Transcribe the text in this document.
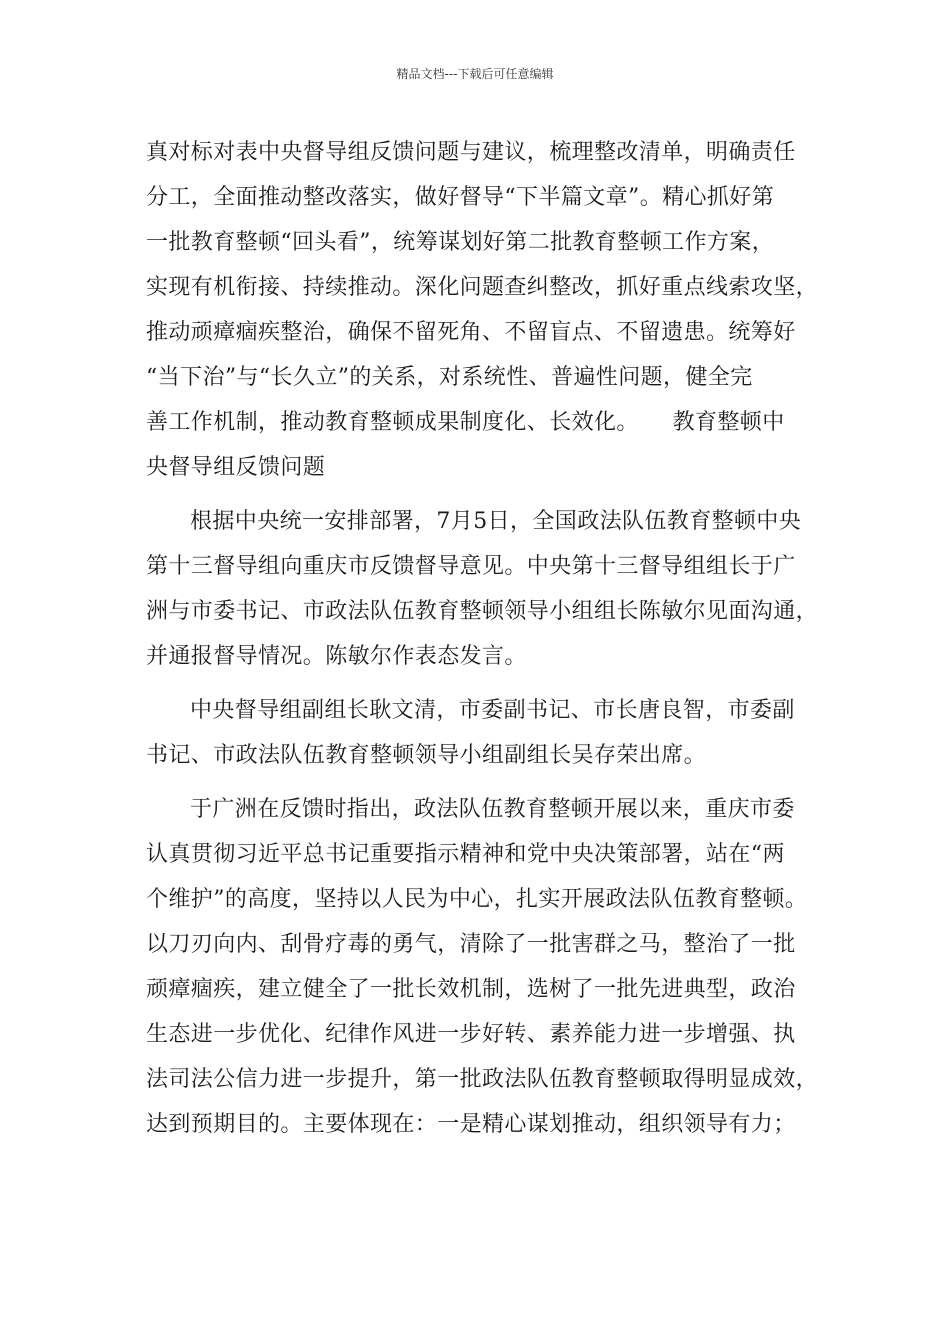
精品文档---下载后可任意编辑
真对标对表中央督导组反馈问题与建议，梳理整改清单，明确责任
分工，全面推动整改落实，做好督导“下半篇文章”。精心抓好第
一批教育整顿“回头看”，统筹谋划好第二批教育整顿工作方案，
实现有机衔接、持续推动。深化问题查纠整改，抓好重点线索攻坚，
推动顽瘴痼疾整治，确保不留死角、不留盲点、不留遗患。统筹好
“当下治”与“长久立”的关系，对系统性、普遍性问题，健全完
善工作机制，推动教育整顿成果制度化、长效化。　　教育整顿中
央督导组反馈问题
根据中央统一安排部署，7月5日，全国政法队伍教育整顿中央
第十三督导组向重庆市反馈督导意见。中央第十三督导组组长于广
洲与市委书记、市政法队伍教育整顿领导小组组长陈敏尔见面沟通，
并通报督导情况。陈敏尔作表态发言。
中央督导组副组长耿文清，市委副书记、市长唐良智，市委副
书记、市政法队伍教育整顿领导小组副组长吴存荣出席。
于广洲在反馈时指出，政法队伍教育整顿开展以来，重庆市委
认真贯彻习近平总书记重要指示精神和党中央决策部署，站在“两
个维护”的高度，坚持以人民为中心，扎实开展政法队伍教育整顿。
以刀刃向内、刮骨疗毒的勇气，清除了一批害群之马，整治了一批
顽瘴痼疾，建立健全了一批长效机制，选树了一批先进典型，政治
生态进一步优化、纪律作风进一步好转、素养能力进一步增强、执
法司法公信力进一步提升，第一批政法队伍教育整顿取得明显成效，
达到预期目的。主要体现在：一是精心谋划推动，组织领导有力；
